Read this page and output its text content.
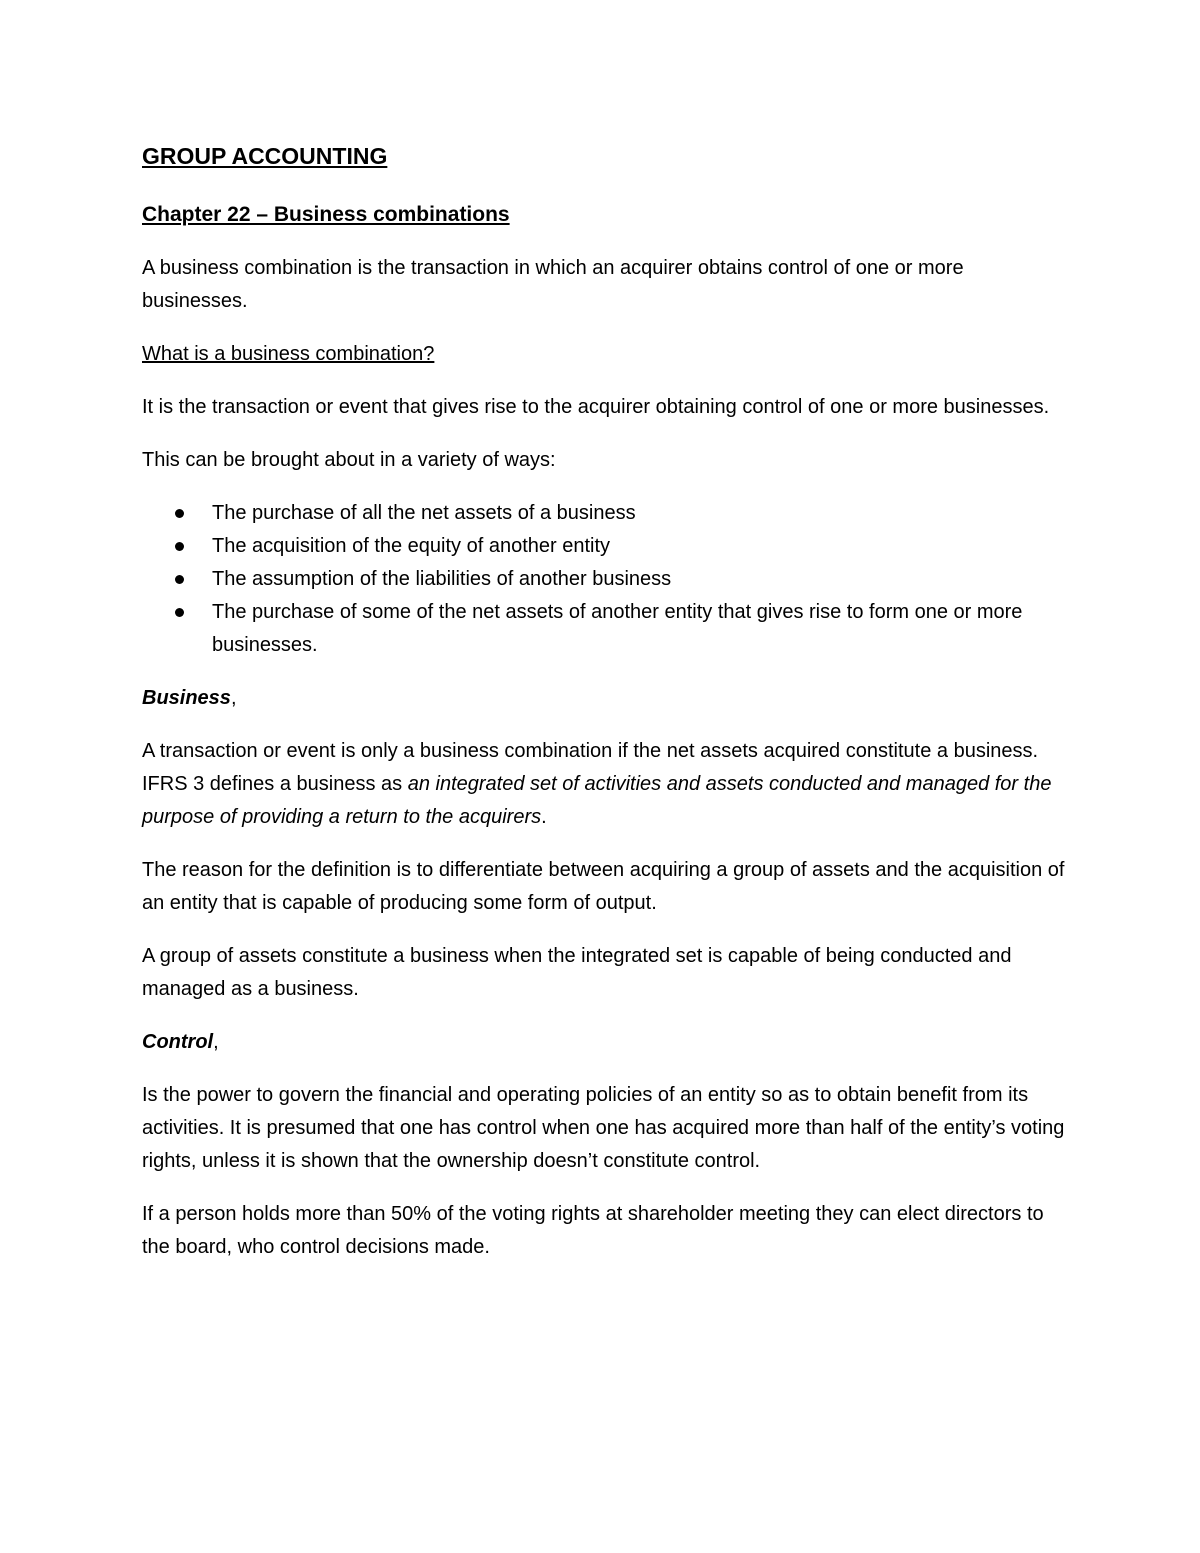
GROUP ACCOUNTING
Chapter 22 – Business combinations

A business combination is the transaction in which an acquirer obtains control of one or more businesses.

What is a business combination?

It is the transaction or event that gives rise to the acquirer obtaining control of one or more businesses.

This can be brought about in a variety of ways:

The purchase of all the net assets of a business
The acquisition of the equity of another entity
The assumption of the liabilities of another business
The purchase of some of the net assets of another entity that gives rise to form one or more businesses.

Business,

A transaction or event is only a business combination if the net assets acquired constitute a business. IFRS 3 defines a business as an integrated set of activities and assets conducted and managed for the purpose of providing a return to the acquirers.

The reason for the definition is to differentiate between acquiring a group of assets and the acquisition of an entity that is capable of producing some form of output.

A group of assets constitute a business when the integrated set is capable of being conducted and managed as a business.

Control,

Is the power to govern the financial and operating policies of an entity so as to obtain benefit from its activities. It is presumed that one has control when one has acquired more than half of the entity’s voting rights, unless it is shown that the ownership doesn’t constitute control.

If a person holds more than 50% of the voting rights at shareholder meeting they can elect directors to the board, who control decisions made.
